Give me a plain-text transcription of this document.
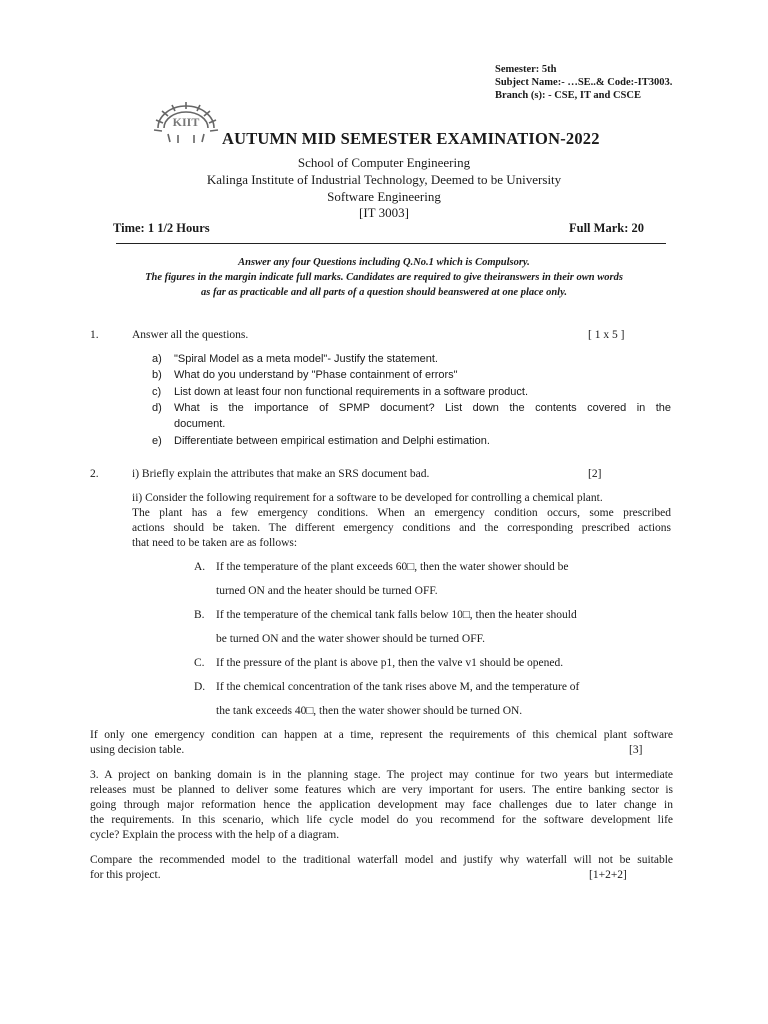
Semester: 5th
Subject Name:- …SE..& Code:-IT3003.
Branch (s): - CSE, IT and CSCE
KIIT
AUTUMN MID SEMESTER EXAMINATION-2022
School of Computer Engineering
Kalinga Institute of Industrial Technology, Deemed to be University
Software Engineering
[IT 3003]
Time: 1 1/2 Hours	Full Mark: 20
Answer any four Questions including Q.No.1 which is Compulsory.
The figures in the margin indicate full marks. Candidates are required to give theiranswers in their own words
as far as practicable and all parts of a question should beanswered at one place only.
1.	Answer all the questions.	[ 1 x 5 ]
a) "Spiral Model as a meta model"- Justify the statement.
b) What do you understand by "Phase containment of errors"
c) List down at least four non functional requirements in a software product.
d) What is the importance of SPMP document? List down the contents covered in the
document.
e) Differentiate between empirical estimation and Delphi estimation.
2.	i) Briefly explain the attributes that make an SRS document bad.	[2]
ii) Consider the following requirement for a software to be developed for controlling a chemical plant.
The plant has a few emergency conditions. When an emergency condition occurs, some prescribed
actions should be taken. The different emergency conditions and the corresponding prescribed actions
that need to be taken are as follows:
A. If the temperature of the plant exceeds 60□, then the water shower should be
turned ON and the heater should be turned OFF.
B. If the temperature of the chemical tank falls below 10□, then the heater should
be turned ON and the water shower should be turned OFF.
C. If the pressure of the plant is above p1, then the valve v1 should be opened.
D. If the chemical concentration of the tank rises above M, and the temperature of
the tank exceeds 40□, then the water shower should be turned ON.
If only one emergency condition can happen at a time, represent the requirements of this chemical plant software
using decision table.	[3]
3. A project on banking domain is in the planning stage. The project may continue for two years but intermediate
releases must be planned to deliver some features which are very important for users. The entire banking sector is
going through major reformation hence the application development may face challenges due to later change in
the requirements. In this scenario, which life cycle model do you recommend for the software development life
cycle? Explain the process with the help of a diagram.
Compare the recommended model to the traditional waterfall model and justify why waterfall will not be suitable
for this project.	[1+2+2]
